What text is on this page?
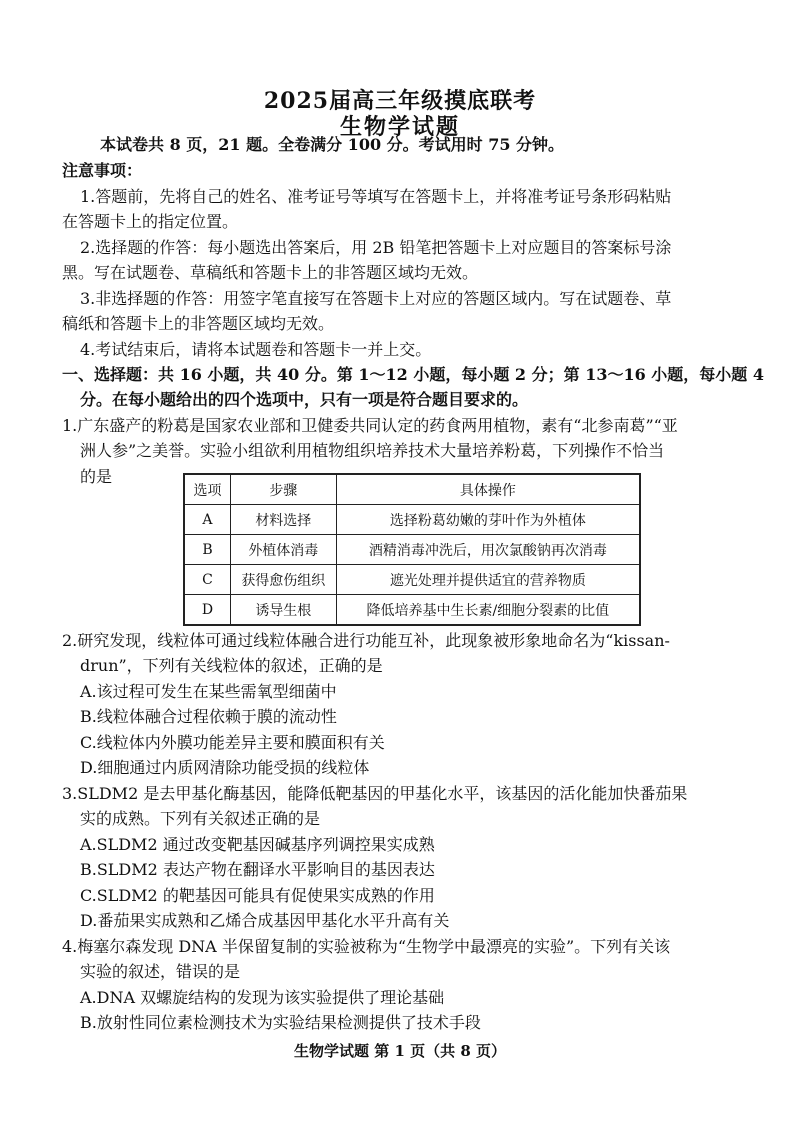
2025届高三年级摸底联考
生物学试题
本试卷共 8 页，21 题。全卷满分 100 分。考试用时 75 分钟。
注意事项：
1.答题前，先将自己的姓名、准考证号等填写在答题卡上，并将准考证号条形码粘贴
在答题卡上的指定位置。
2.选择题的作答：每小题选出答案后，用 2B 铅笔把答题卡上对应题目的答案标号涂
黑。写在试题卷、草稿纸和答题卡上的非答题区域均无效。
3.非选择题的作答：用签字笔直接写在答题卡上对应的答题区域内。写在试题卷、草
稿纸和答题卡上的非答题区域均无效。
4.考试结束后，请将本试题卷和答题卡一并上交。
一、选择题：共 16 小题，共 40 分。第 1～12 小题，每小题 2 分；第 13～16 小题，每小题 4
分。在每小题给出的四个选项中，只有一项是符合题目要求的。
1.广东盛产的粉葛是国家农业部和卫健委共同认定的药食两用植物，素有“北参南葛”“亚
洲人参”之美誉。实验小组欲利用植物组织培养技术大量培养粉葛，下列操作不恰当
的是
选项	步骤	具体操作
A	材料选择	选择粉葛幼嫩的芽叶作为外植体
B	外植体消毒	酒精消毒冲洗后，用次氯酸钠再次消毒
C	获得愈伤组织	遮光处理并提供适宜的营养物质
D	诱导生根	降低培养基中生长素/细胞分裂素的比值
2.研究发现，线粒体可通过线粒体融合进行功能互补，此现象被形象地命名为“kissan-
drun”，下列有关线粒体的叙述，正确的是
A.该过程可发生在某些需氧型细菌中
B.线粒体融合过程依赖于膜的流动性
C.线粒体内外膜功能差异主要和膜面积有关
D.细胞通过内质网清除功能受损的线粒体
3.SLDM2 是去甲基化酶基因，能降低靶基因的甲基化水平，该基因的活化能加快番茄果
实的成熟。下列有关叙述正确的是
A.SLDM2 通过改变靶基因碱基序列调控果实成熟
B.SLDM2 表达产物在翻译水平影响目的基因表达
C.SLDM2 的靶基因可能具有促使果实成熟的作用
D.番茄果实成熟和乙烯合成基因甲基化水平升高有关
4.梅塞尔森发现 DNA 半保留复制的实验被称为“生物学中最漂亮的实验”。下列有关该
实验的叙述，错误的是
A.DNA 双螺旋结构的发现为该实验提供了理论基础
B.放射性同位素检测技术为实验结果检测提供了技术手段
生物学试题 第 1 页（共 8 页）
